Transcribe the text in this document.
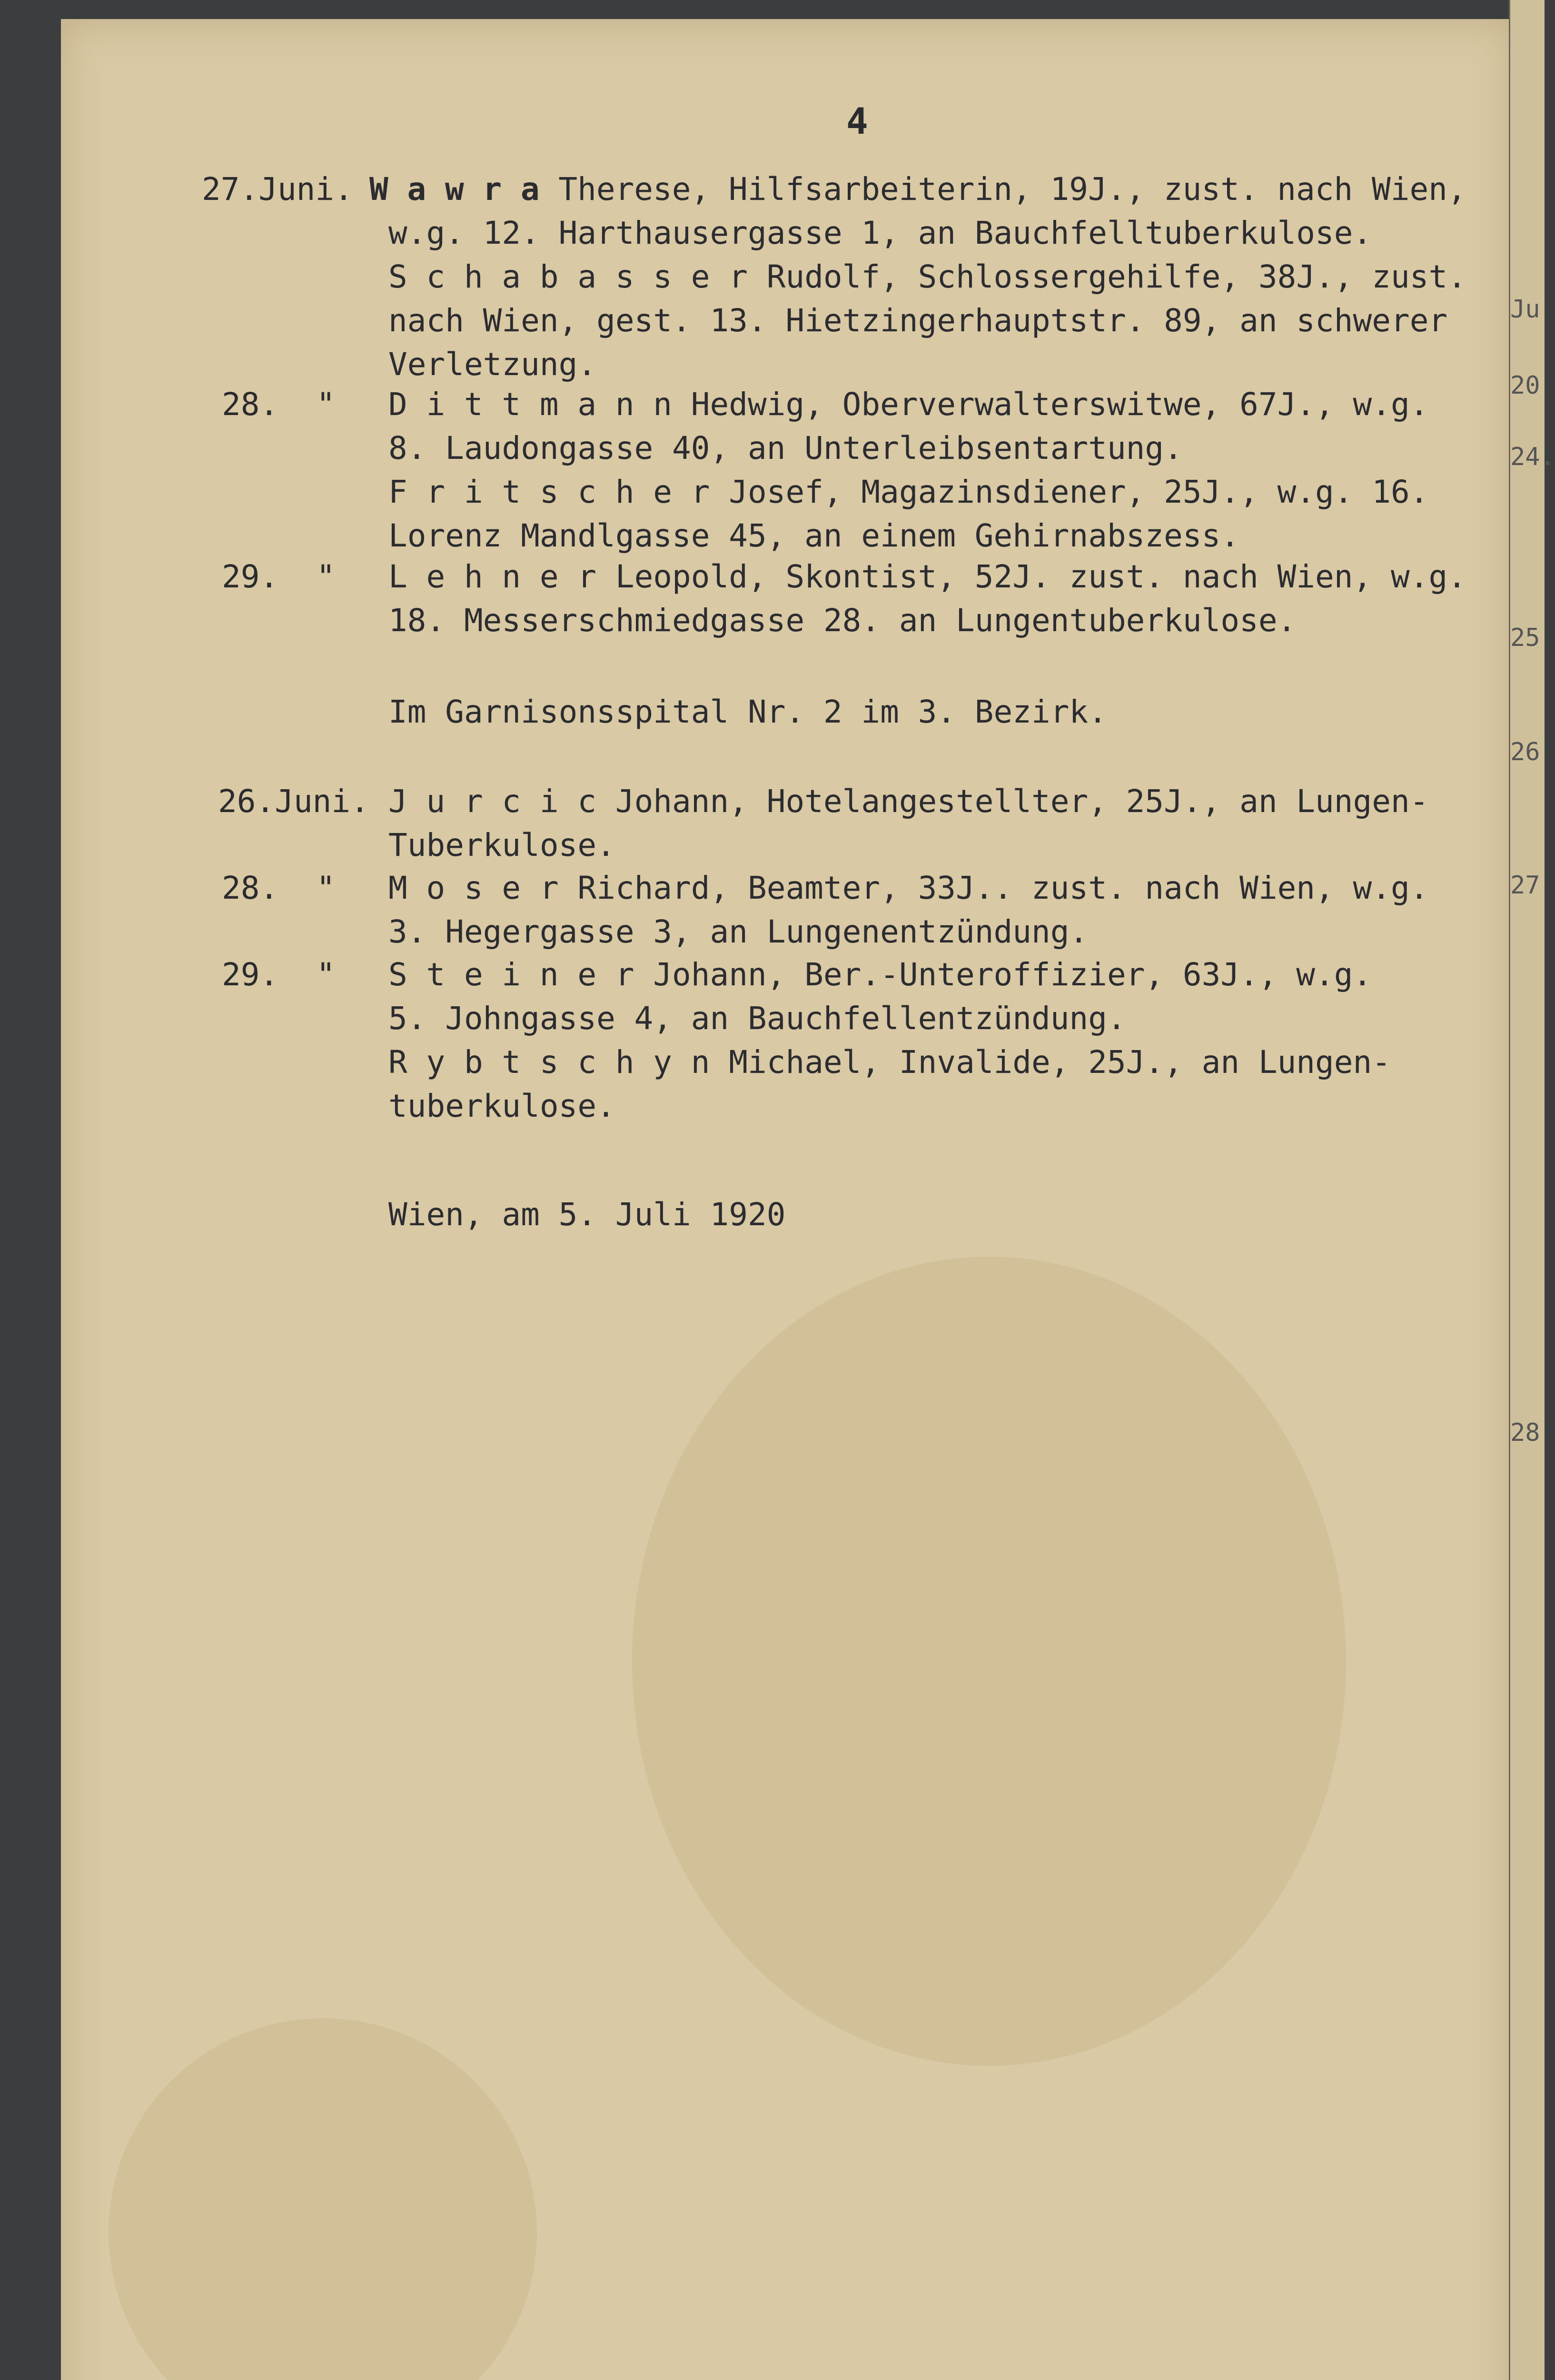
4
27.Juni. W a w r a Therese, Hilfsarbeiterin, 19J., zust. nach Wien,
w.g. 12. Harthausergasse 1, an Bauchfelltuberkulose.
S c h a b a s s e r Rudolf, Schlossergehilfe, 38J., zust.
nach Wien, gest. 13. Hietzingerhauptstr. 89, an schwerer
Verletzung.
28.  " D i t t m a n n Hedwig, Oberverwalterswitwe, 67J., w.g.
8. Laudongasse 40, an Unterleibsentartung.
F r i t s c h e r Josef, Magazinsdiener, 25J., w.g. 16.
Lorenz Mandlgasse 45, an einem Gehirnabszess.
29.  " L e h n e r Leopold, Skontist, 52J. zust. nach Wien, w.g.
18. Messerschmiedgasse 28. an Lungentuberkulose.
Im Garnisonsspital Nr. 2 im 3. Bezirk.
26.Juni. J u r c i c Johann, Hotelangestellter, 25J., an Lungen-
Tuberkulose.
28.  " M o s e r Richard, Beamter, 33J.. zust. nach Wien, w.g.
3. Hegergasse 3, an Lungenentzündung.
29.  " S t e i n e r Johann, Ber.-Unteroffizier, 63J., w.g.
5. Johngasse 4, an Bauchfellentzündung.
R y b t s c h y n Michael, Invalide, 25J., an Lungen-
tuberkulose.
Wien, am 5. Juli 1920
Ju
20
24.
25
26
27
28
